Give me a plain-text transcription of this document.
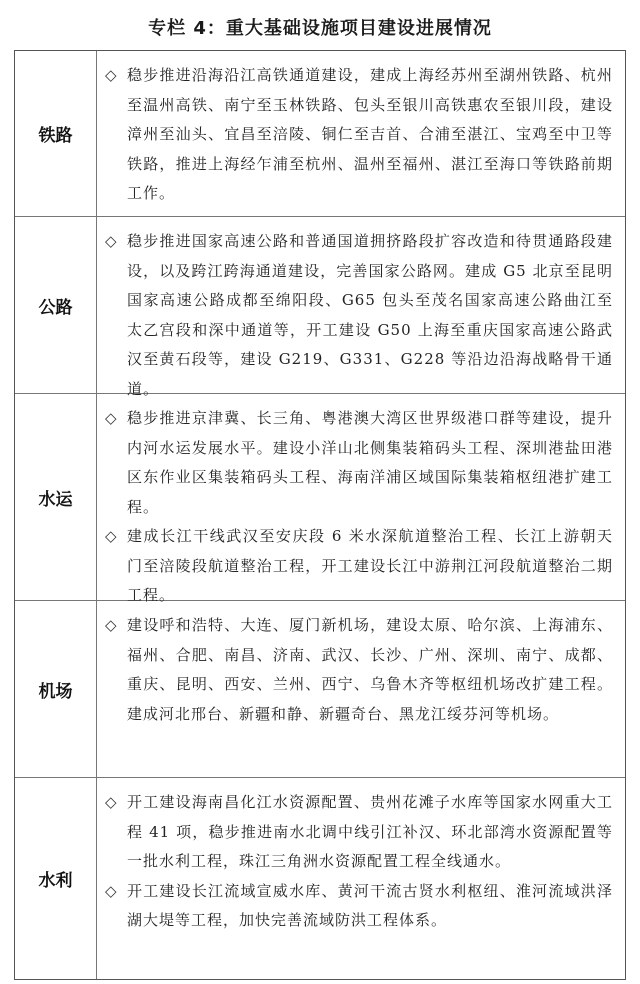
专栏 4：重大基础设施项目建设进展情况
铁路
◇ 稳步推进沿海沿江高铁通道建设，建成上海经苏州至湖州铁路、杭州至温州高铁、南宁至玉林铁路、包头至银川高铁惠农至银川段，建设漳州至汕头、宜昌至涪陵、铜仁至吉首、合浦至湛江、宝鸡至中卫等铁路，推进上海经乍浦至杭州、温州至福州、湛江至海口等铁路前期工作。
公路
◇ 稳步推进国家高速公路和普通国道拥挤路段扩容改造和待贯通路段建设，以及跨江跨海通道建设，完善国家公路网。建成 G5 北京至昆明国家高速公路成都至绵阳段、G65 包头至茂名国家高速公路曲江至太乙宫段和深中通道等，开工建设 G50 上海至重庆国家高速公路武汉至黄石段等，建设 G219、G331、G228 等沿边沿海战略骨干通道。
水运
◇ 稳步推进京津冀、长三角、粤港澳大湾区世界级港口群等建设，提升内河水运发展水平。建设小洋山北侧集装箱码头工程、深圳港盐田港区东作业区集装箱码头工程、海南洋浦区域国际集装箱枢纽港扩建工程。
◇ 建成长江干线武汉至安庆段 6 米水深航道整治工程、长江上游朝天门至涪陵段航道整治工程，开工建设长江中游荆江河段航道整治二期工程。
机场
◇ 建设呼和浩特、大连、厦门新机场，建设太原、哈尔滨、上海浦东、福州、合肥、南昌、济南、武汉、长沙、广州、深圳、南宁、成都、重庆、昆明、西安、兰州、西宁、乌鲁木齐等枢纽机场改扩建工程。建成河北邢台、新疆和静、新疆奇台、黑龙江绥芬河等机场。
水利
◇ 开工建设海南昌化江水资源配置、贵州花滩子水库等国家水网重大工程 41 项，稳步推进南水北调中线引江补汉、环北部湾水资源配置等一批水利工程，珠江三角洲水资源配置工程全线通水。
◇ 开工建设长江流域宣威水库、黄河干流古贤水利枢纽、淮河流域洪泽湖大堤等工程，加快完善流域防洪工程体系。
